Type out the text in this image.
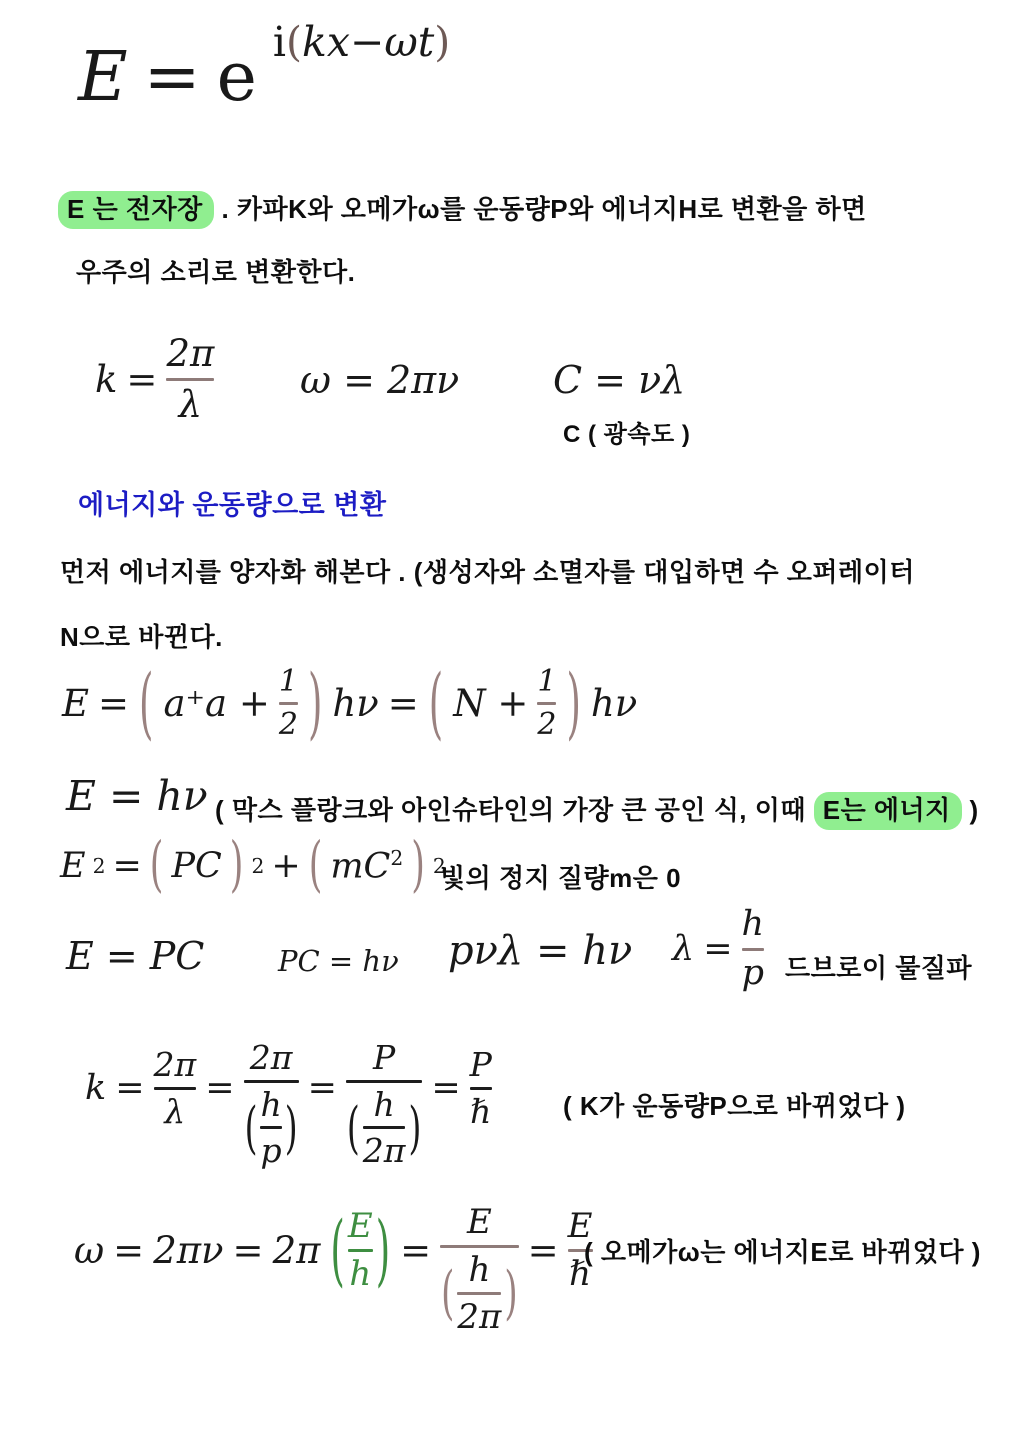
E = e i ( kx−ωt )
E 는 전자장 . 카파K와 오메가ω를 운동량P와 에너지H로 변환을 하면
우주의 소리로 변환한다.
$k = \frac{2\pi}{\lambda}$ ω = 2πν C = νλ
C ( 광속도 )
에너지와 운동량으로 변환
먼저 에너지를 양자화 해본다 . (생성자와 소멸자를 대입하면 수 오퍼레이터
N으로 바뀐다.
E = ( $a^+a + \frac{1}{2}$ ) hν = ( $N + \frac{1}{2}$ ) hν
E = hν ( 막스 플랑크와 아인슈타인의 가장 큰 공인 식, 이때 E는 에너지 )
E 2 = ( PC ) 2 + ( $mC^2$ ) 2
빛의 정지 질량m은 0
E = PC	PC = hν pνλ = hν $\lambda = \frac{h}{p}$ 드브로이 물질파
$k = \frac{2\pi}{\lambda}$ =
2π
( $\frac{h}{p}$ )
=
P
( $\frac{h}{2\pi}$ )
= $\frac{P}{\text{ℏ}}$	( K가 운동량P으로 바뀌었다 )
ω = 2πν = 2π ( $\frac{E}{h}$ ) =
E
( $\frac{h}{2\pi}$ )
= $\frac{E}{\text{ℏ}}$
( 오메가ω는 에너지E로 바뀌었다 )
